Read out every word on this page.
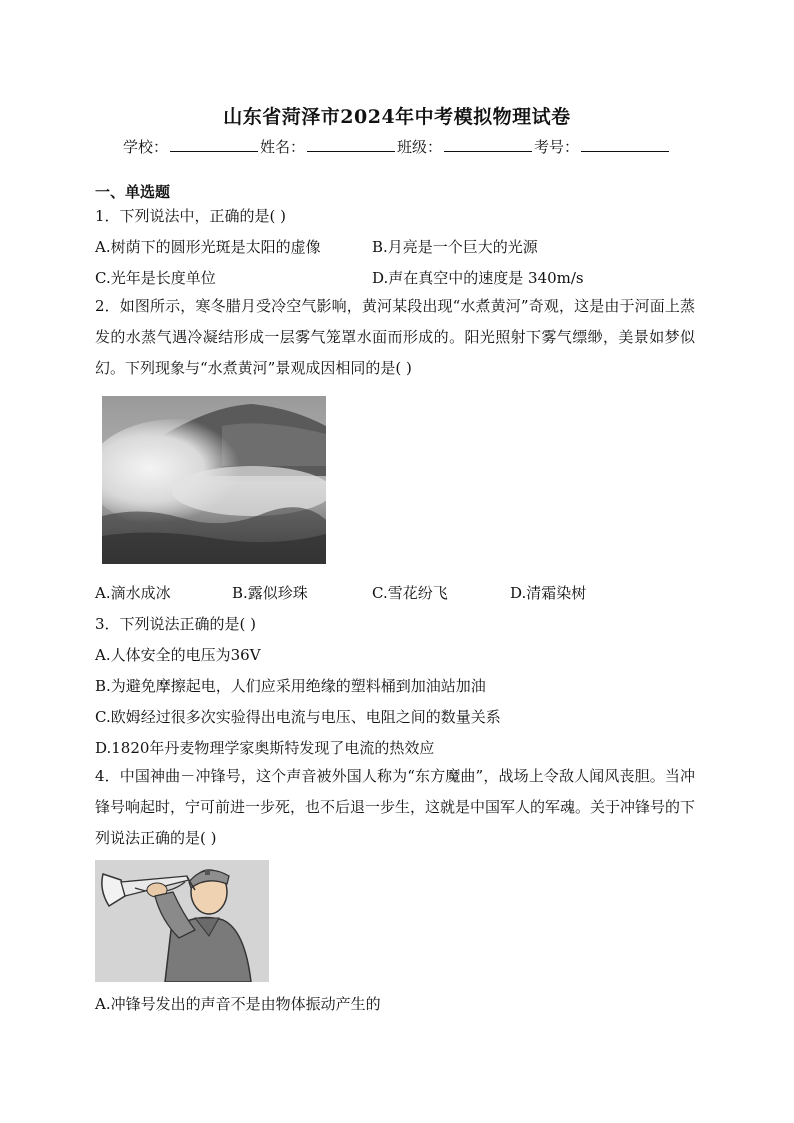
山东省菏泽市2024年中考模拟物理试卷
学校：	姓名：	班级：	考号：
一、单选题
1．下列说法中，正确的是( )
A.树荫下的圆形光斑是太阳的虚像	B.月亮是一个巨大的光源
C.光年是长度单位	D.声在真空中的速度是 340m/s
2．如图所示，寒冬腊月受冷空气影响，黄河某段出现“水煮黄河”奇观，这是由于河面上蒸发的水蒸气遇冷凝结形成一层雾气笼罩水面而形成的。阳光照射下雾气缥缈，美景如梦似幻。下列现象与“水煮黄河”景观成因相同的是( )
A.滴水成冰	B.露似珍珠	C.雪花纷飞	D.清霜染树
3．下列说法正确的是( )
A.人体安全的电压为36V
B.为避免摩擦起电，人们应采用绝缘的塑料桶到加油站加油
C.欧姆经过很多次实验得出电流与电压、电阻之间的数量关系
D.1820年丹麦物理学家奥斯特发现了电流的热效应
4．中国神曲－冲锋号，这个声音被外国人称为“东方魔曲”，战场上令敌人闻风丧胆。当冲锋号响起时，宁可前进一步死，也不后退一步生，这就是中国军人的军魂。关于冲锋号的下列说法正确的是( )
A.冲锋号发出的声音不是由物体振动产生的
